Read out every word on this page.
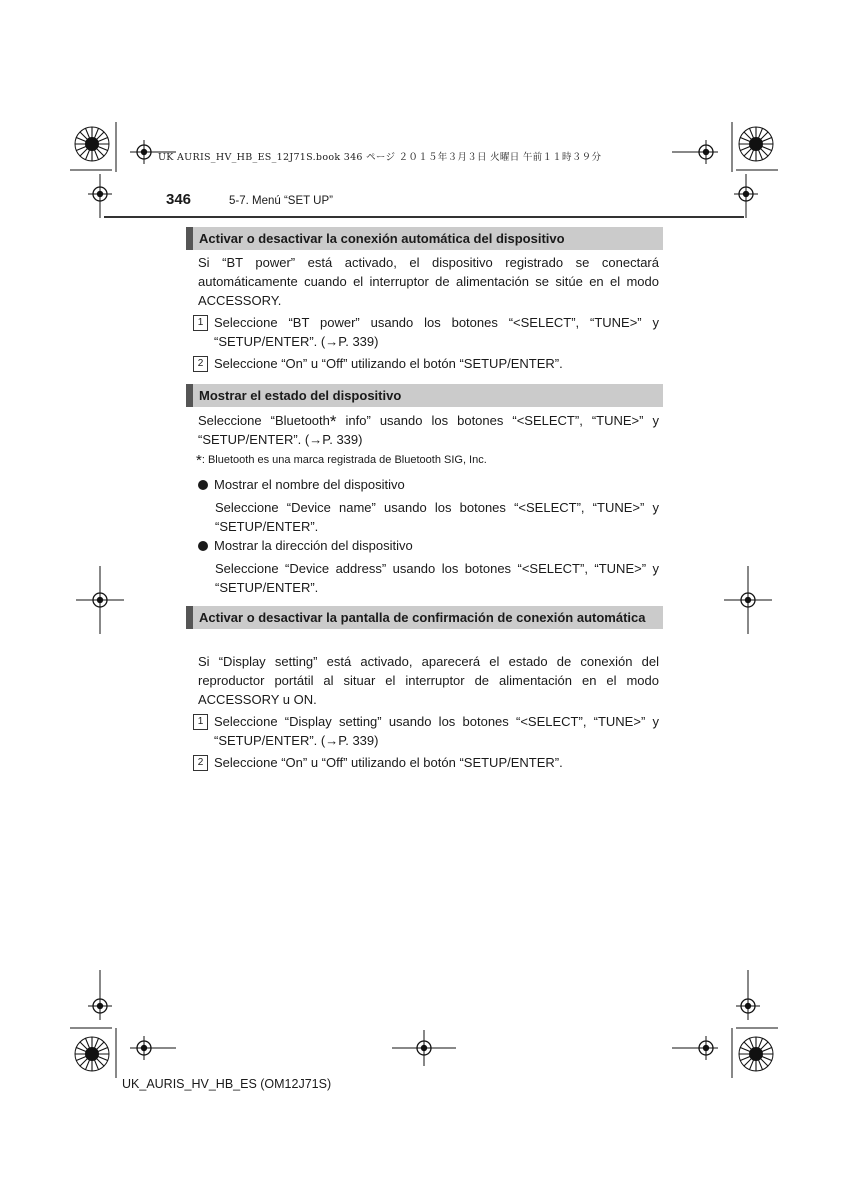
UK AURIS_HV_HB_ES_12J71S.book 346 ページ ２０１５年３月３日 火曜日 午前１１時３９分
346	5-7. Menú “SET UP”
Activar o desactivar la conexión automática del dispositivo
Si “BT power” está activado, el dispositivo registrado se conectará automáticamente cuando el interruptor de alimentación se sitúe en el modo ACCESSORY.
1 Seleccione “BT power” usando los botones “<SELECT”, “TUNE>” y “SETUP/ENTER”. (→P. 339)
2 Seleccione “On” u “Off” utilizando el botón “SETUP/ENTER”.
Mostrar el estado del dispositivo
Seleccione “Bluetooth* info” usando los botones “<SELECT”, “TUNE>” y “SETUP/ENTER”. (→P. 339)
*: Bluetooth es una marca registrada de Bluetooth SIG, Inc.
Mostrar el nombre del dispositivo
Seleccione “Device name” usando los botones “<SELECT”, “TUNE>” y “SETUP/ENTER”.
Mostrar la dirección del dispositivo
Seleccione “Device address” usando los botones “<SELECT”, “TUNE>” y “SETUP/ENTER”.
Activar o desactivar la pantalla de confirmación de conexión automática
Si “Display setting” está activado, aparecerá el estado de conexión del reproductor portátil al situar el interruptor de alimentación en el modo ACCESSORY u ON.
1 Seleccione “Display setting” usando los botones “<SELECT”, “TUNE>” y “SETUP/ENTER”. (→P. 339)
2 Seleccione “On” u “Off” utilizando el botón “SETUP/ENTER”.
UK_AURIS_HV_HB_ES (OM12J71S)
